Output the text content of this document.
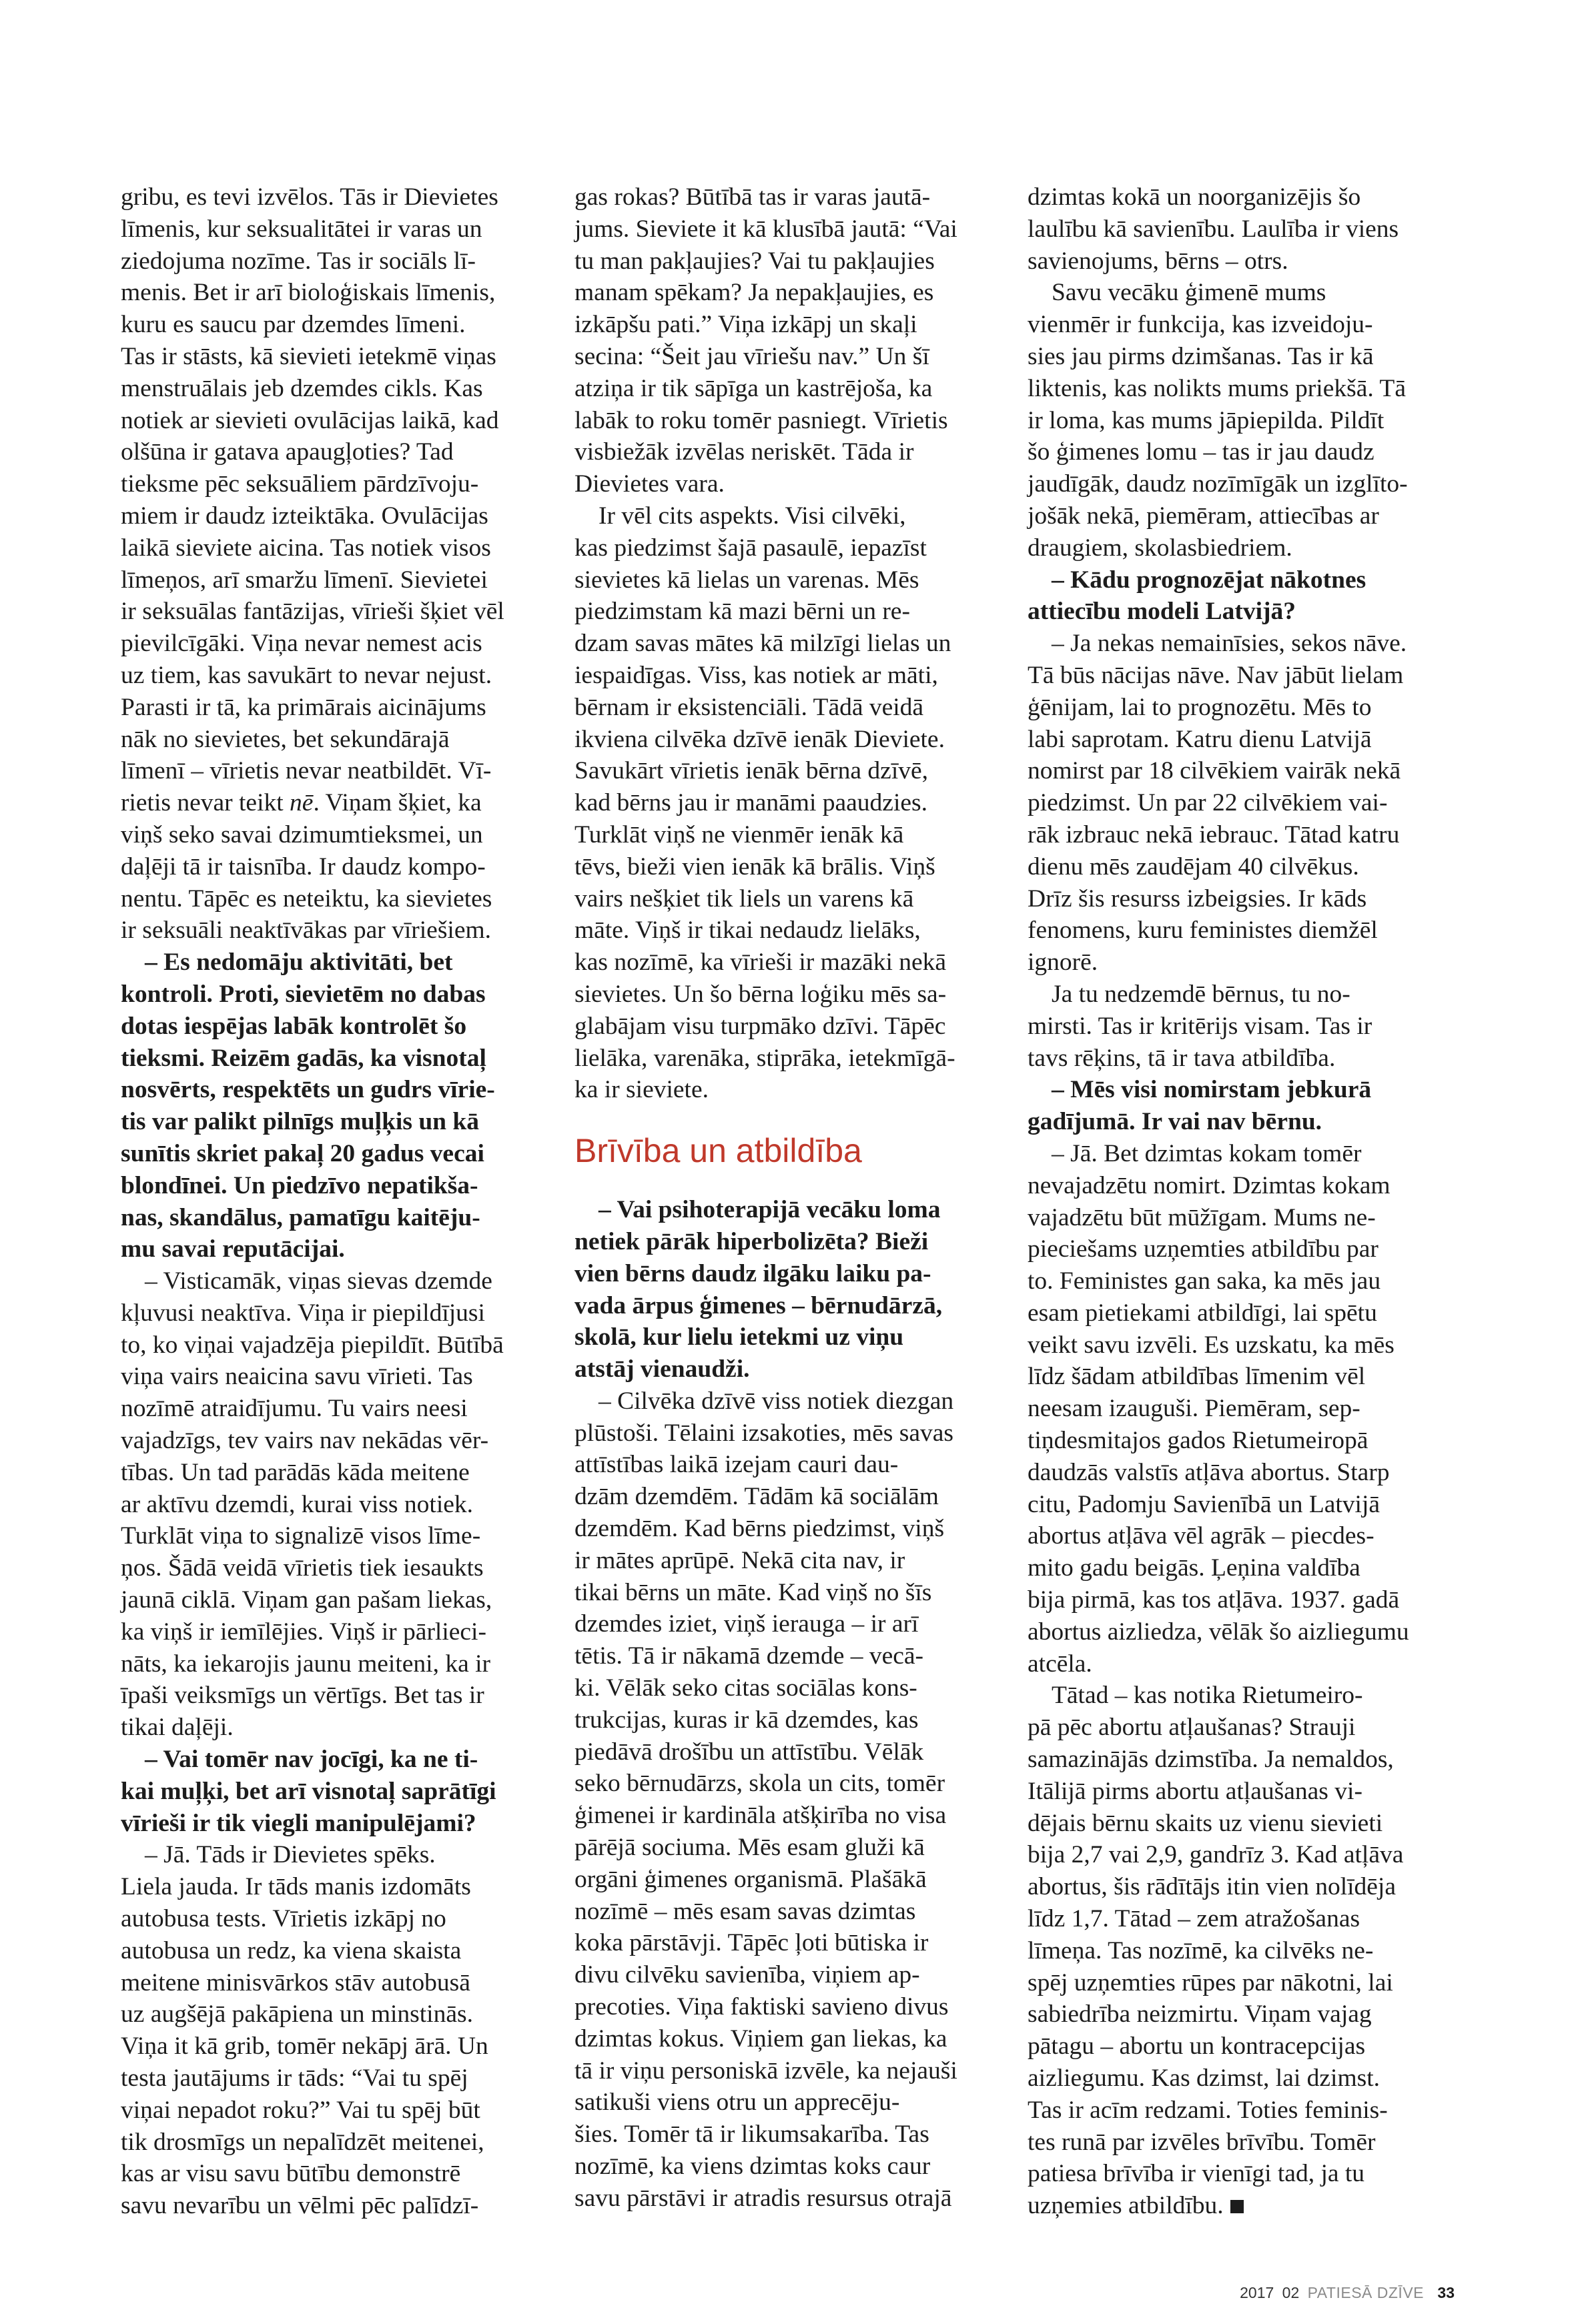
gribu, es tevi izvēlos. Tās ir Dievietes
līmenis, kur seksualitātei ir varas un
ziedojuma nozīme. Tas ir sociāls lī-
menis. Bet ir arī bioloģiskais līmenis,
kuru es saucu par dzemdes līmeni.
Tas ir stāsts, kā sievieti ietekmē viņas
menstruālais jeb dzemdes cikls. Kas
notiek ar sievieti ovulācijas laikā, kad
olšūna ir gatava apaugļoties? Tad
tieksme pēc seksuāliem pārdzīvoju-
miem ir daudz izteiktāka. Ovulācijas
laikā sieviete aicina. Tas notiek visos
līmeņos, arī smaržu līmenī. Sievietei
ir seksuālas fantāzijas, vīrieši šķiet vēl
pievilcīgāki. Viņa nevar nemest acis
uz tiem, kas savukārt to nevar nejust.
Parasti ir tā, ka primārais aicinājums
nāk no sievietes, bet sekundārajā
līmenī – vīrietis nevar neatbildēt. Vī-
rietis nevar teikt nē. Viņam šķiet, ka
viņš seko savai dzimumtieksmei, un
daļēji tā ir taisnība. Ir daudz kompo-
nentu. Tāpēc es neteiktu, ka sievietes
ir seksuāli neaktīvākas par vīriešiem.
– Es nedomāju aktivitāti, bet
kontroli. Proti, sievietēm no dabas
dotas iespējas labāk kontrolēt šo
tieksmi. Reizēm gadās, ka visnotaļ
nosvērts, respektēts un gudrs vīrie-
tis var palikt pilnīgs muļķis un kā
sunītis skriet pakaļ 20 gadus vecai
blondīnei. Un piedzīvo nepatikša-
nas, skandālus, pamatīgu kaitēju-
mu savai reputācijai.
– Visticamāk, viņas sievas dzemde
kļuvusi neaktīva. Viņa ir piepildījusi
to, ko viņai vajadzēja piepildīt. Būtībā
viņa vairs neaicina savu vīrieti. Tas
nozīmē atraidījumu. Tu vairs neesi
vajadzīgs, tev vairs nav nekādas vēr-
tības. Un tad parādās kāda meitene
ar aktīvu dzemdi, kurai viss notiek.
Turklāt viņa to signalizē visos līme-
ņos. Šādā veidā vīrietis tiek iesaukts
jaunā ciklā. Viņam gan pašam liekas,
ka viņš ir iemīlējies. Viņš ir pārlieci-
nāts, ka iekarojis jaunu meiteni, ka ir
īpaši veiksmīgs un vērtīgs. Bet tas ir
tikai daļēji.
– Vai tomēr nav jocīgi, ka ne ti-
kai muļķi, bet arī visnotaļ saprātīgi
vīrieši ir tik viegli manipulējami?
– Jā. Tāds ir Dievietes spēks.
Liela jauda. Ir tāds manis izdomāts
autobusa tests. Vīrietis izkāpj no
autobusa un redz, ka viena skaista
meitene minisvārkos stāv autobusā
uz augšējā pakāpiena un minstinās.
Viņa it kā grib, tomēr nekāpj ārā. Un
testa jautājums ir tāds: “Vai tu spēj
viņai nepadot roku?” Vai tu spēj būt
tik drosmīgs un nepalīdzēt meitenei,
kas ar visu savu būtību demonstrē
savu nevarību un vēlmi pēc palīdzī-
gas rokas? Būtībā tas ir varas jautā-
jums. Sieviete it kā klusībā jautā: “Vai
tu man pakļaujies? Vai tu pakļaujies
manam spēkam? Ja nepakļaujies, es
izkāpšu pati.” Viņa izkāpj un skaļi
secina: “Šeit jau vīriešu nav.” Un šī
atziņa ir tik sāpīga un kastrējoša, ka
labāk to roku tomēr pasniegt. Vīrietis
visbiežāk izvēlas neriskēt. Tāda ir
Dievietes vara.
Ir vēl cits aspekts. Visi cilvēki,
kas piedzimst šajā pasaulē, iepazīst
sievietes kā lielas un varenas. Mēs
piedzimstam kā mazi bērni un re-
dzam savas mātes kā milzīgi lielas un
iespaidīgas. Viss, kas notiek ar māti,
bērnam ir eksistenciāli. Tādā veidā
ikviena cilvēka dzīvē ienāk Dieviete.
Savukārt vīrietis ienāk bērna dzīvē,
kad bērns jau ir manāmi paaudzies.
Turklāt viņš ne vienmēr ienāk kā
tēvs, bieži vien ienāk kā brālis. Viņš
vairs nešķiet tik liels un varens kā
māte. Viņš ir tikai nedaudz lielāks,
kas nozīmē, ka vīrieši ir mazāki nekā
sievietes. Un šo bērna loģiku mēs sa-
glabājam visu turpmāko dzīvi. Tāpēc
lielāka, varenāka, stiprāka, ietekmīgā-
ka ir sieviete.
Brīvība un atbildība
– Vai psihoterapijā vecāku loma
netiek pārāk hiperbolizēta? Bieži
vien bērns daudz ilgāku laiku pa-
vada ārpus ģimenes – bērnudārzā,
skolā, kur lielu ietekmi uz viņu
atstāj vienaudži.
– Cilvēka dzīvē viss notiek diezgan
plūstoši. Tēlaini izsakoties, mēs savas
attīstības laikā izejam cauri dau-
dzām dzemdēm. Tādām kā sociālām
dzemdēm. Kad bērns piedzimst, viņš
ir mātes aprūpē. Nekā cita nav, ir
tikai bērns un māte. Kad viņš no šīs
dzemdes iziet, viņš ierauga – ir arī
tētis. Tā ir nākamā dzemde – vecā-
ki. Vēlāk seko citas sociālas kons-
trukcijas, kuras ir kā dzemdes, kas
piedāvā drošību un attīstību. Vēlāk
seko bērnudārzs, skola un cits, tomēr
ģimenei ir kardināla atšķirība no visa
pārējā sociuma. Mēs esam gluži kā
orgāni ģimenes organismā. Plašākā
nozīmē – mēs esam savas dzimtas
koka pārstāvji. Tāpēc ļoti būtiska ir
divu cilvēku savienība, viņiem ap-
precoties. Viņa faktiski savieno divus
dzimtas kokus. Viņiem gan liekas, ka
tā ir viņu personiskā izvēle, ka nejauši
satikuši viens otru un apprecēju-
šies. Tomēr tā ir likumsakarība. Tas
nozīmē, ka viens dzimtas koks caur
savu pārstāvi ir atradis resursus otrajā
dzimtas kokā un noorganizējis šo
laulību kā savienību. Laulība ir viens
savienojums, bērns – otrs.
Savu vecāku ģimenē mums
vienmēr ir funkcija, kas izveidoju-
sies jau pirms dzimšanas. Tas ir kā
liktenis, kas nolikts mums priekšā. Tā
ir loma, kas mums jāpiepilda. Pildīt
šo ģimenes lomu – tas ir jau daudz
jaudīgāk, daudz nozīmīgāk un izglīto-
jošāk nekā, piemēram, attiecības ar
draugiem, skolasbiedriem.
– Kādu prognozējat nākotnes
attiecību modeli Latvijā?
– Ja nekas nemainīsies, sekos nāve.
Tā būs nācijas nāve. Nav jābūt lielam
ģēnijam, lai to prognozētu. Mēs to
labi saprotam. Katru dienu Latvijā
nomirst par 18 cilvēkiem vairāk nekā
piedzimst. Un par 22 cilvēkiem vai-
rāk izbrauc nekā iebrauc. Tātad katru
dienu mēs zaudējam 40 cilvēkus.
Drīz šis resurss izbeigsies. Ir kāds
fenomens, kuru feministes diemžēl
ignorē.
Ja tu nedzemdē bērnus, tu no-
mirsti. Tas ir kritērijs visam. Tas ir
tavs rēķins, tā ir tava atbildība.
– Mēs visi nomirstam jebkurā
gadījumā. Ir vai nav bērnu.
– Jā. Bet dzimtas kokam tomēr
nevajadzētu nomirt. Dzimtas kokam
vajadzētu būt mūžīgam. Mums ne-
pieciešams uzņemties atbildību par
to. Feministes gan saka, ka mēs jau
esam pietiekami atbildīgi, lai spētu
veikt savu izvēli. Es uzskatu, ka mēs
līdz šādam atbildības līmenim vēl
neesam izauguši. Piemēram, sep-
tiņdesmitajos gados Rietumeiropā
daudzās valstīs atļāva abortus. Starp
citu, Padomju Savienībā un Latvijā
abortus atļāva vēl agrāk – piecdes-
mito gadu beigās. Ļeņina valdība
bija pirmā, kas tos atļāva. 1937. gadā
abortus aizliedza, vēlāk šo aizliegumu
atcēla.
Tātad – kas notika Rietumeiro-
pā pēc abortu atļaušanas? Strauji
samazinājās dzimstība. Ja nemaldos,
Itālijā pirms abortu atļaušanas vi-
dējais bērnu skaits uz vienu sievieti
bija 2,7 vai 2,9, gandrīz 3. Kad atļāva
abortus, šis rādītājs itin vien nolīdēja
līdz 1,7. Tātad – zem atražošanas
līmeņa. Tas nozīmē, ka cilvēks ne-
spēj uzņemties rūpes par nākotni, lai
sabiedrība neizmirtu. Viņam vajag
pātagu – abortu un kontracepcijas
aizliegumu. Kas dzimst, lai dzimst.
Tas ir acīm redzami. Toties feminis-
tes runā par izvēles brīvību. Tomēr
patiesa brīvība ir vienīgi tad, ja tu
uzņemies atbildību.
2017 02 PATIESĀ DZĪVE 33
